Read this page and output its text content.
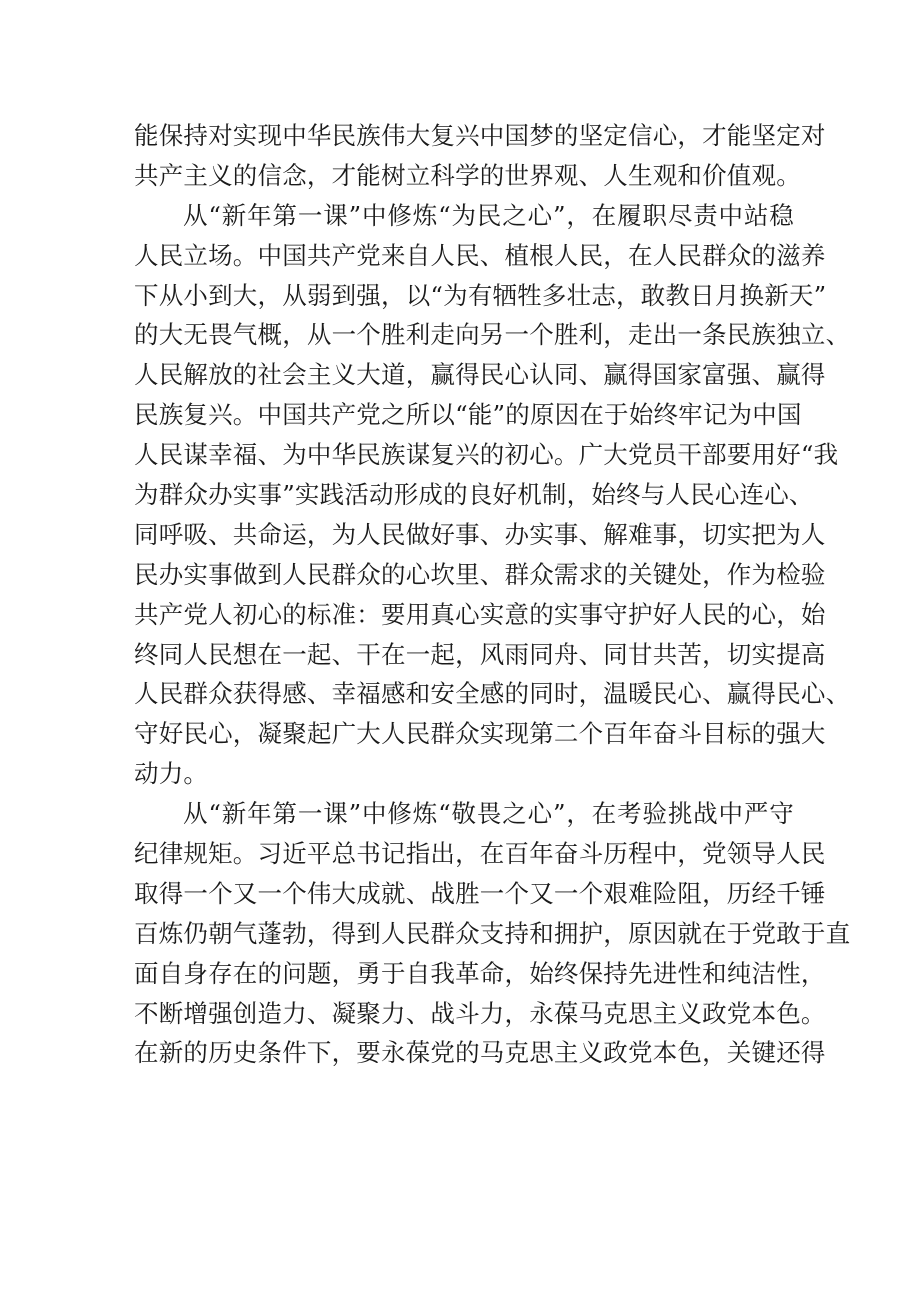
能保持对实现中华民族伟大复兴中国梦的坚定信心，才能坚定对
共产主义的信念，才能树立科学的世界观、人生观和价值观。
从“新年第一课”中修炼“为民之心”，在履职尽责中站稳
人民立场。中国共产党来自人民、植根人民，在人民群众的滋养
下从小到大，从弱到强，以“为有牺牲多壮志，敢教日月换新天”
的大无畏气概，从一个胜利走向另一个胜利，走出一条民族独立、
人民解放的社会主义大道，赢得民心认同、赢得国家富强、赢得
民族复兴。中国共产党之所以“能”的原因在于始终牢记为中国
人民谋幸福、为中华民族谋复兴的初心。广大党员干部要用好“我
为群众办实事”实践活动形成的良好机制，始终与人民心连心、
同呼吸、共命运，为人民做好事、办实事、解难事，切实把为人
民办实事做到人民群众的心坎里、群众需求的关键处，作为检验
共产党人初心的标准：要用真心实意的实事守护好人民的心，始
终同人民想在一起、干在一起，风雨同舟、同甘共苦，切实提高
人民群众获得感、幸福感和安全感的同时，温暖民心、赢得民心、
守好民心，凝聚起广大人民群众实现第二个百年奋斗目标的强大
动力。
从“新年第一课”中修炼“敬畏之心”，在考验挑战中严守
纪律规矩。习近平总书记指出，在百年奋斗历程中，党领导人民
取得一个又一个伟大成就、战胜一个又一个艰难险阻，历经千锤
百炼仍朝气蓬勃，得到人民群众支持和拥护，原因就在于党敢于直
面自身存在的问题，勇于自我革命，始终保持先进性和纯洁性，
不断增强创造力、凝聚力、战斗力，永葆马克思主义政党本色。
在新的历史条件下，要永葆党的马克思主义政党本色，关键还得
